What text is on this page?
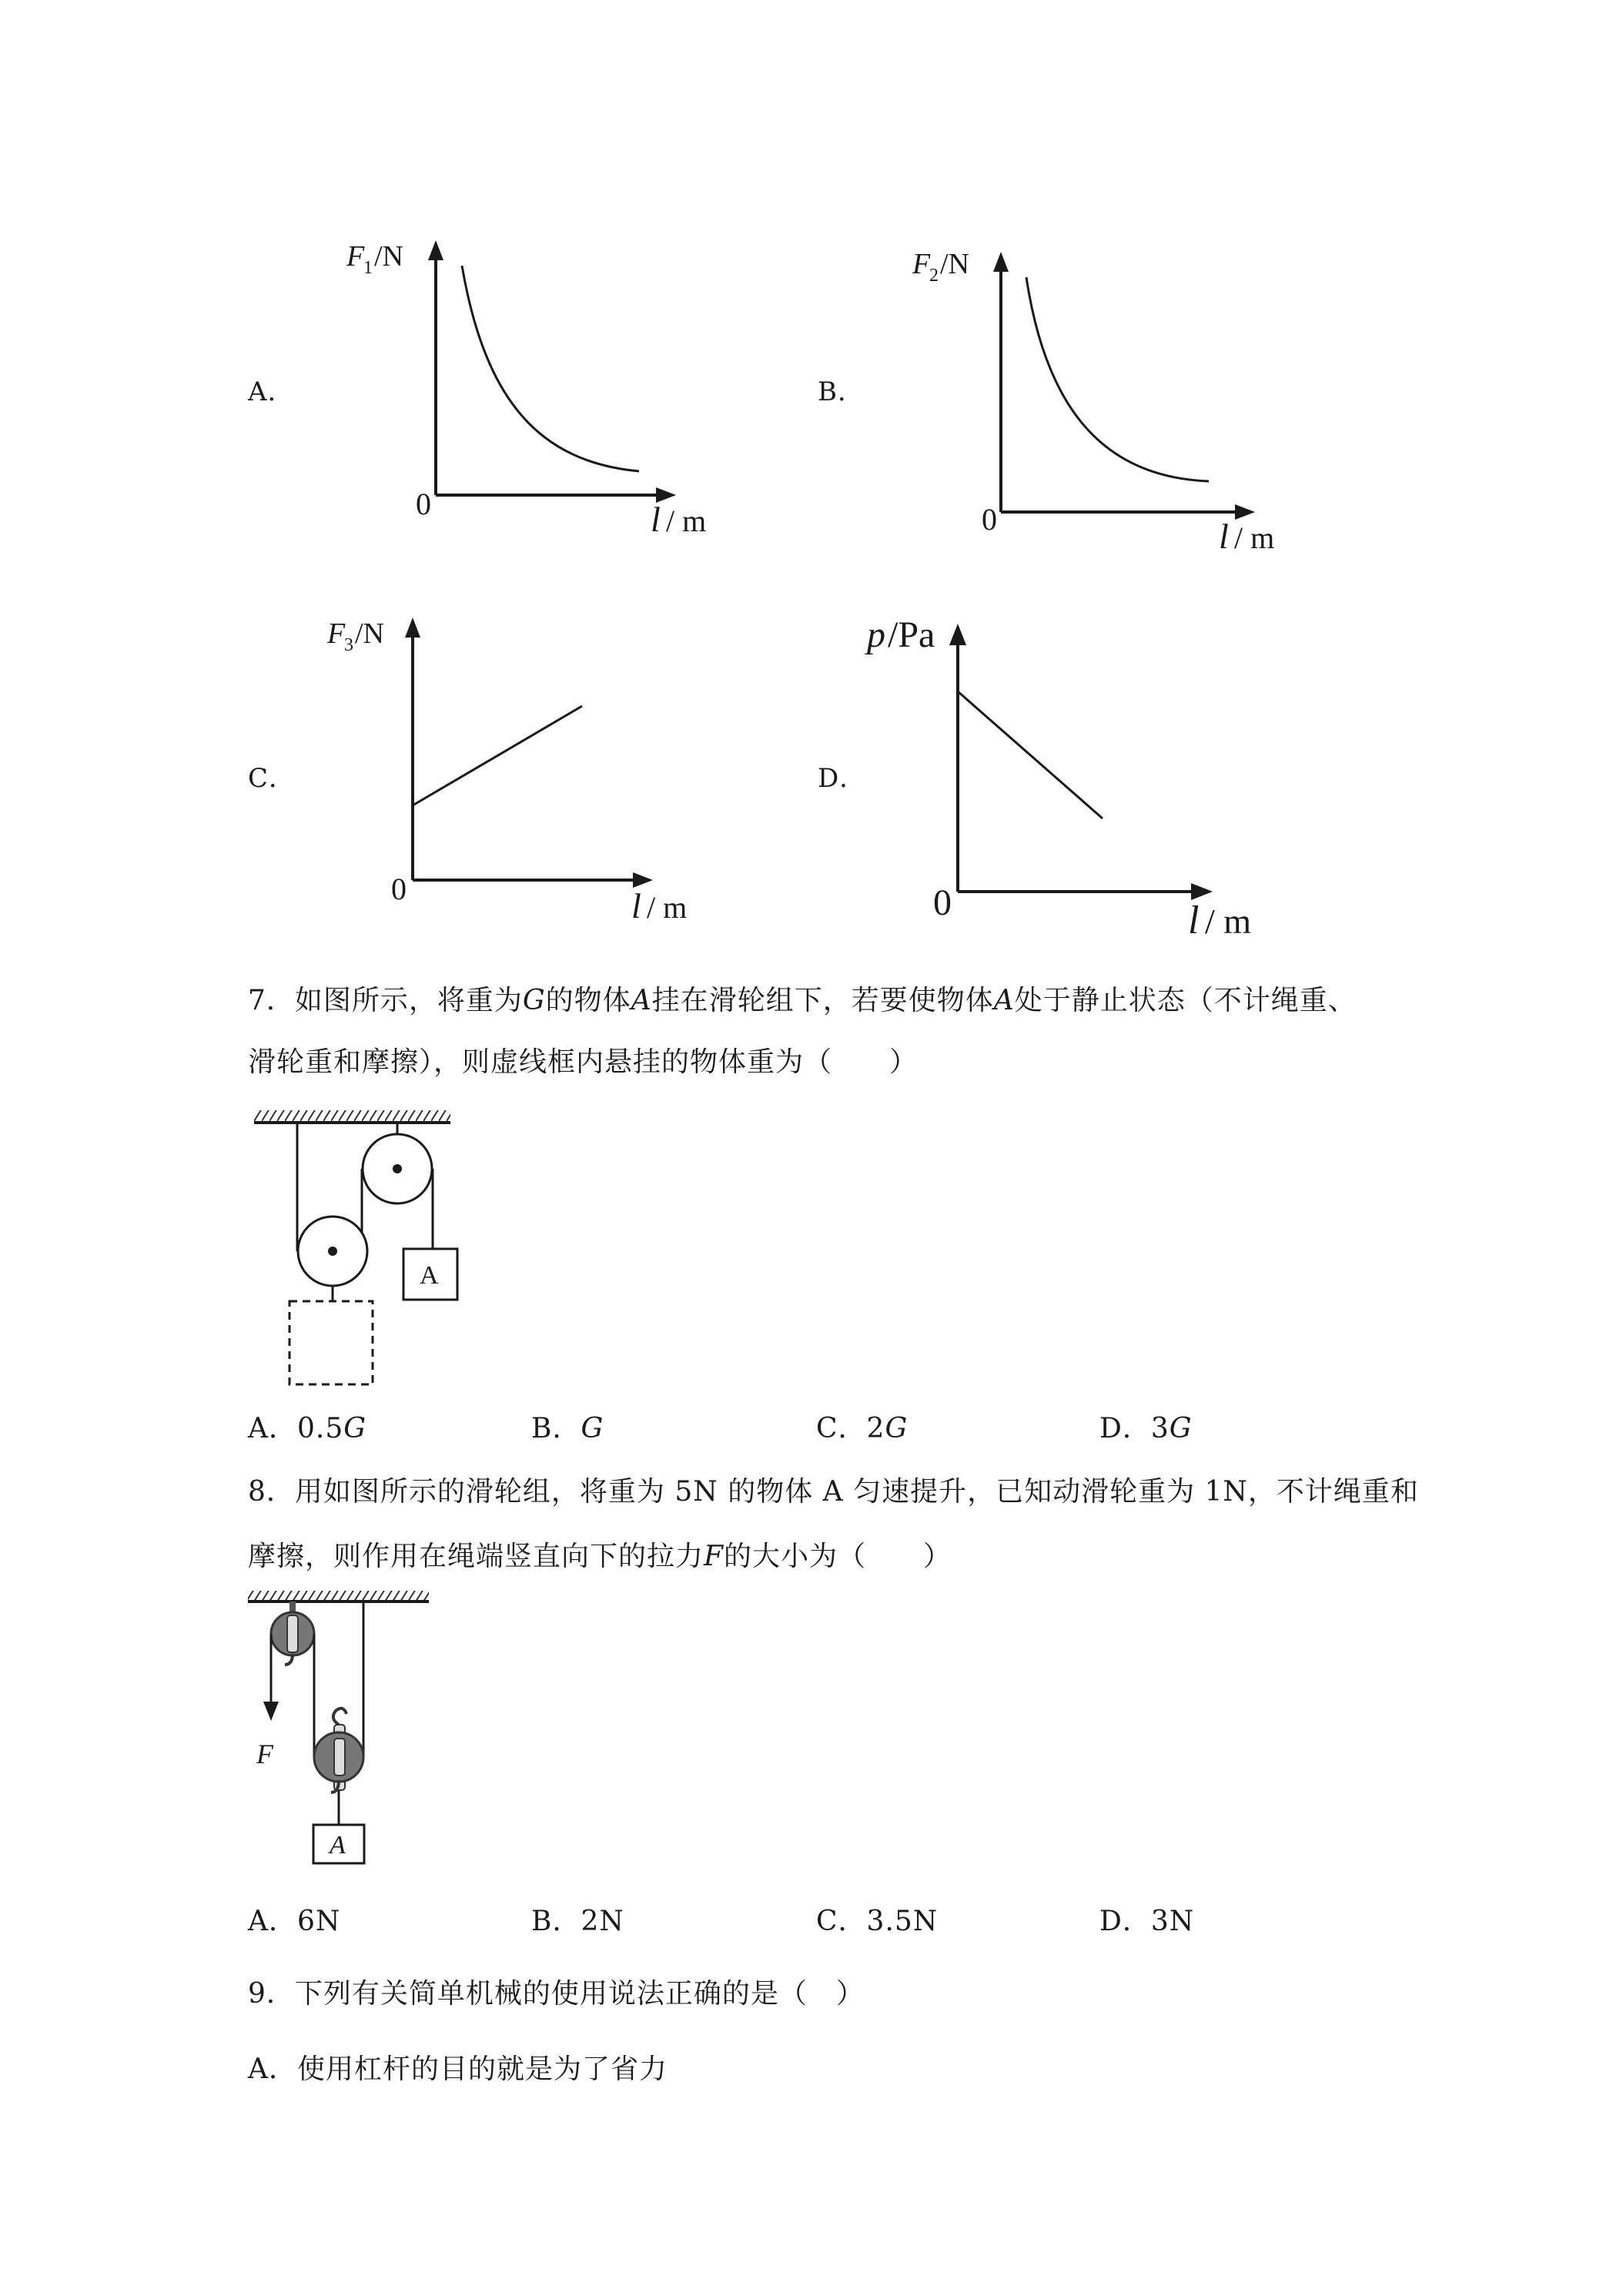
A．
F
1 /N
0	l / m
B．
F
2 /N
0	l / m
C．
F
3 /N
0	l / m
D．
p /Pa
0	l / m
7．如图所示，将重为G的物体A挂在滑轮组下，若要使物体A处于静止状态（不计绳重、
滑轮重和摩擦），则虚线框内悬挂的物体重为（　　）
A
A．0.5G	B．G	C．2G	D．3G
8．用如图所示的滑轮组，将重为 5N 的物体 A 匀速提升，已知动滑轮重为 1N，不计绳重和
摩擦，则作用在绳端竖直向下的拉力F的大小为（　　）
F
A
A．6N	B．2N	C．3.5N	D．3N
9．下列有关简单机械的使用说法正确的是（　）
A．使用杠杆的目的就是为了省力
